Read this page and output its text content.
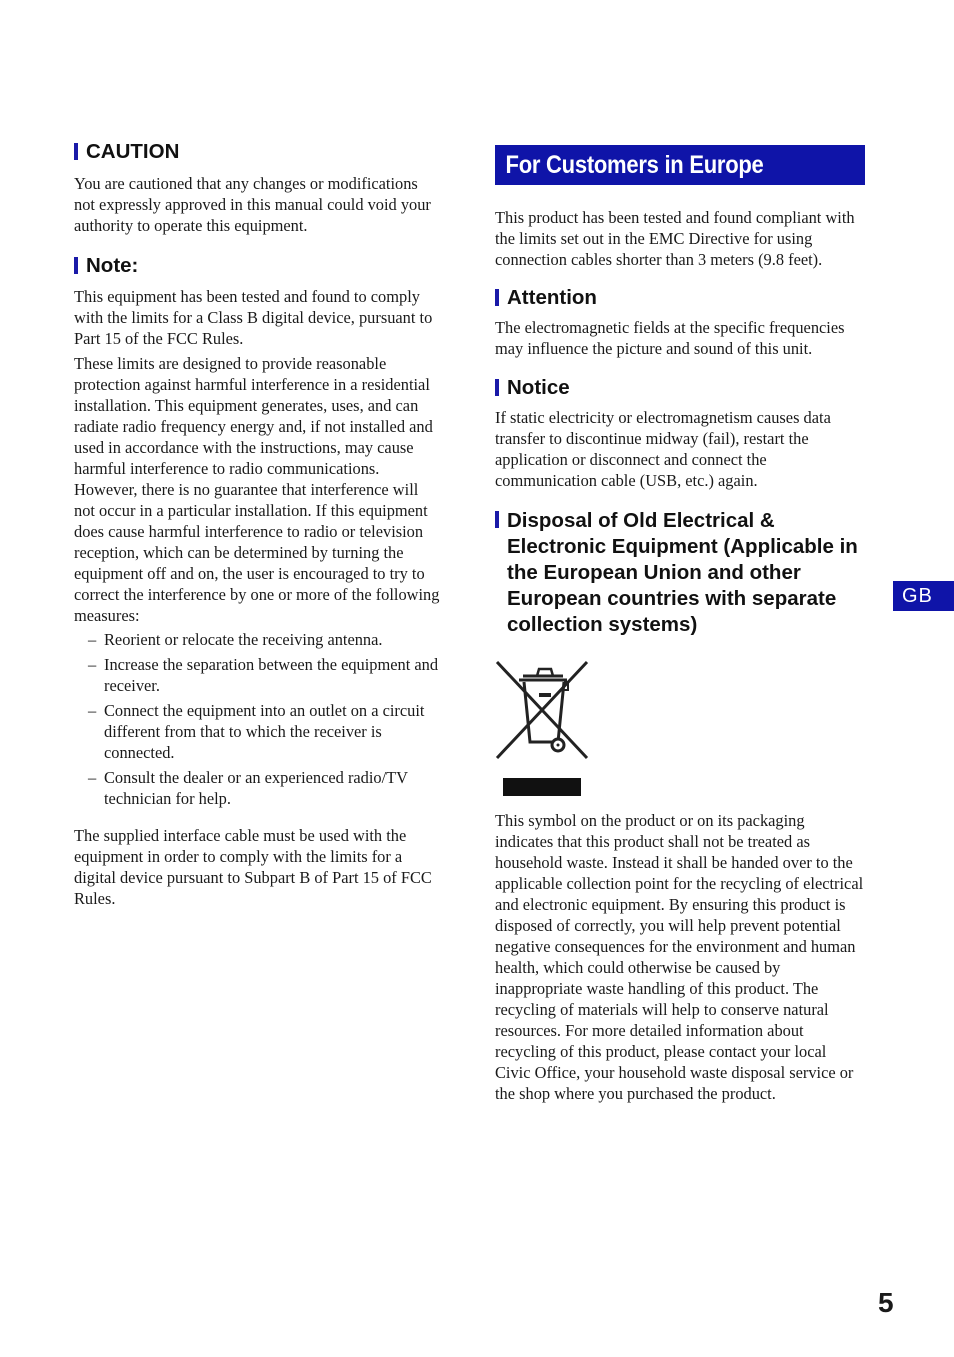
CAUTION

You are cautioned that any changes or modifications not expressly approved in this manual could void your authority to operate this equipment.

Note:

This equipment has been tested and found to comply with the limits for a Class B digital device, pursuant to Part 15 of the FCC Rules.

These limits are designed to provide reasonable protection against harmful interference in a residential installation. This equipment generates, uses, and can radiate radio frequency energy and, if not installed and used in accordance with the instructions, may cause harmful interference to radio communications. However, there is no guarantee that interference will not occur in a particular installation. If this equipment does cause harmful interference to radio or television reception, which can be determined by turning the equipment off and on, the user is encouraged to try to correct the interference by one or more of the following measures:

– Reorient or relocate the receiving antenna.
– Increase the separation between the equipment and receiver.
– Connect the equipment into an outlet on a circuit different from that to which the receiver is connected.
– Consult the dealer or an experienced radio/TV technician for help.

The supplied interface cable must be used with the equipment in order to comply with the limits for a digital device pursuant to Subpart B of Part 15 of FCC Rules.

For Customers in Europe

This product has been tested and found compliant with the limits set out in the EMC Directive for using connection cables shorter than 3 meters (9.8 feet).

Attention

The electromagnetic fields at the specific frequencies may influence the picture and sound of this unit.

Notice

If static electricity or electromagnetism causes data transfer to discontinue midway (fail), restart the application or disconnect and connect the communication cable (USB, etc.) again.

Disposal of Old Electrical & Electronic Equipment (Applicable in the European Union and other European countries with separate collection systems)

This symbol on the product or on its packaging indicates that this product shall not be treated as household waste. Instead it shall be handed over to the applicable collection point for the recycling of electrical and electronic equipment. By ensuring this product is disposed of correctly, you will help prevent potential negative consequences for the environment and human health, which could otherwise be caused by inappropriate waste handling of this product. The recycling of materials will help to conserve natural resources. For more detailed information about recycling of this product, please contact your local Civic Office, your household waste disposal service or the shop where you purchased the product.

GB
5
